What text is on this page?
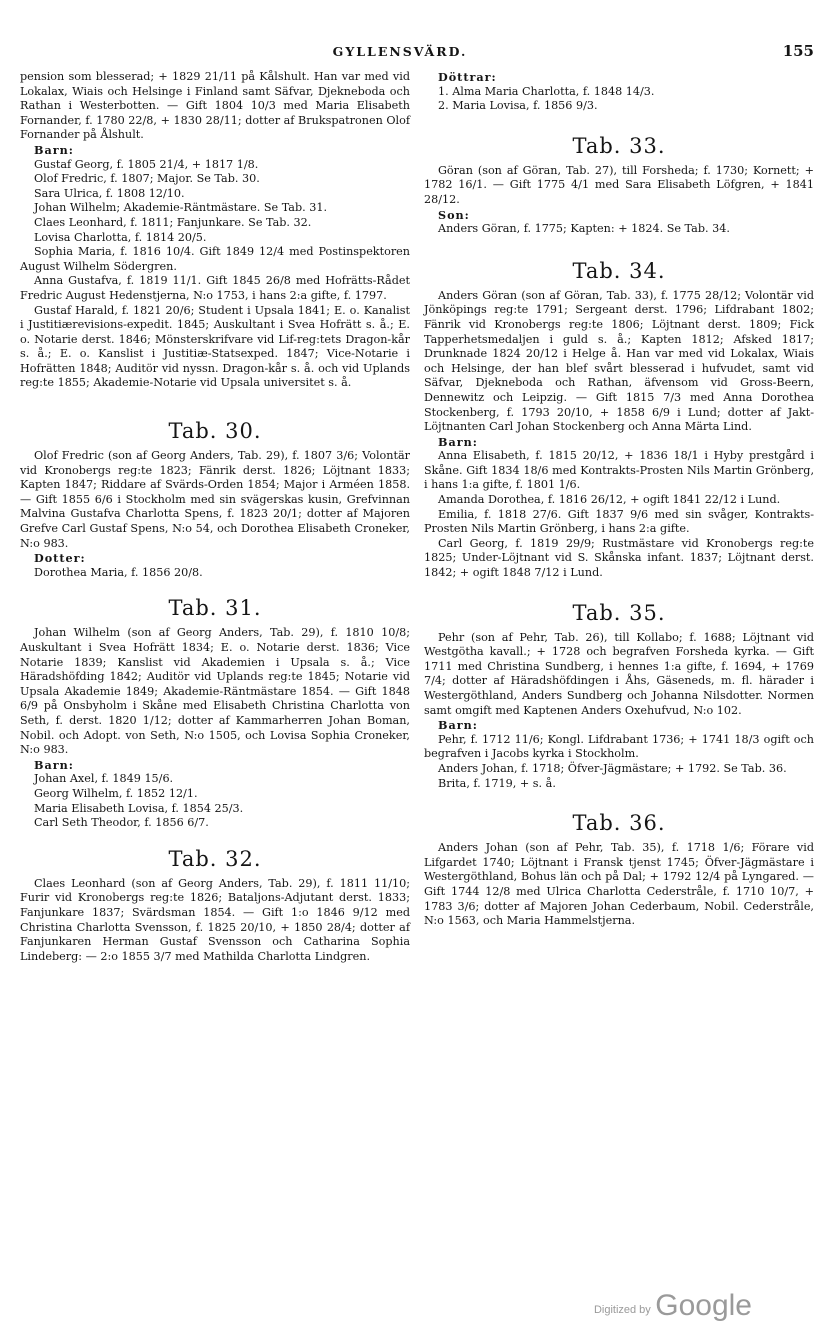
GYLLENSVÄRD.	155

pension som blesserad; + 1829 21/11 på Kålshult. Han var med vid Lokalax, Wiais och Helsinge i Finland samt Säfvar, Djekneboda och Rathan i Westerbotten. — Gift 1804 10/3 med Maria Elisabeth Fornander, f. 1780 22/8, + 1830 28/11; dotter af Brukspatronen Olof Fornander på Ålshult.

Barn:

Gustaf Georg, f. 1805 21/4, + 1817 1/8.

Olof Fredric, f. 1807; Major. Se Tab. 30.

Sara Ulrica, f. 1808 12/10.

Johan Wilhelm; Akademie-Räntmästare. Se Tab. 31.

Claes Leonhard, f. 1811; Fanjunkare. Se Tab. 32.

Lovisa Charlotta, f. 1814 20/5.

Sophia Maria, f. 1816 10/4. Gift 1849 12/4 med Postinspektoren August Wilhelm Södergren.

Anna Gustafva, f. 1819 11/1. Gift 1845 26/8 med Hofrätts-Rådet Fredric August Hedenstjerna, N:o 1753, i hans 2:a gifte, f. 1797.

Gustaf Harald, f. 1821 20/6; Student i Upsala 1841; E. o. Kanalist i Justitiærevisions-expedit. 1845; Auskultant i Svea Hofrätt s. å.; E. o. Notarie derst. 1846; Mönsterskrifvare vid Lif-reg:tets Dragon-kår s. å.; E. o. Kanslist i Justitiæ-Statsexped. 1847; Vice-Notarie i Hofrätten 1848; Auditör vid nyssn. Dragon-kår s. å. och vid Uplands reg:te 1855; Akademie-Notarie vid Upsala universitet s. å.

Tab. 30.

Olof Fredric (son af Georg Anders, Tab. 29), f. 1807 3/6; Volontär vid Kronobergs reg:te 1823; Fänrik derst. 1826; Löjtnant 1833; Kapten 1847; Riddare af Svärds-Orden 1854; Major i Arméen 1858. — Gift 1855 6/6 i Stockholm med sin svägerskas kusin, Grefvinnan Malvina Gustafva Charlotta Spens, f. 1823 20/1; dotter af Majoren Grefve Carl Gustaf Spens, N:o 54, och Dorothea Elisabeth Croneker, N:o 983.

Dotter:

Dorothea Maria, f. 1856 20/8.

Tab. 31.

Johan Wilhelm (son af Georg Anders, Tab. 29), f. 1810 10/8; Auskultant i Svea Hofrätt 1834; E. o. Notarie derst. 1836; Vice Notarie 1839; Kanslist vid Akademien i Upsala s. å.; Vice Häradshöfding 1842; Auditör vid Uplands reg:te 1845; Notarie vid Upsala Akademie 1849; Akademie-Räntmästare 1854. — Gift 1848 6/9 på Onsbyholm i Skåne med Elisabeth Christina Charlotta von Seth, f. derst. 1820 1/12; dotter af Kammarherren Johan Boman, Nobil. och Adopt. von Seth, N:o 1505, och Lovisa Sophia Croneker, N:o 983.

Barn:

Johan Axel, f. 1849 15/6.

Georg Wilhelm, f. 1852 12/1.

Maria Elisabeth Lovisa, f. 1854 25/3.

Carl Seth Theodor, f. 1856 6/7.

Tab. 32.

Claes Leonhard (son af Georg Anders, Tab. 29), f. 1811 11/10; Furir vid Kronobergs reg:te 1826; Bataljons-Adjutant derst. 1833; Fanjunkare 1837; Svärdsman 1854. — Gift 1:o 1846 9/12 med Christina Charlotta Svensson, f. 1825 20/10, + 1850 28/4; dotter af Fanjunkaren Herman Gustaf Svensson och Catharina Sophia Lindeberg: — 2:o 1855 3/7 med Mathilda Charlotta Lindgren.

Döttrar:

1. Alma Maria Charlotta, f. 1848 14/3.

2. Maria Lovisa, f. 1856 9/3.

Tab. 33.

Göran (son af Göran, Tab. 27), till Forsheda; f. 1730; Kornett; + 1782 16/1. — Gift 1775 4/1 med Sara Elisabeth Löfgren, + 1841 28/12.

Son:

Anders Göran, f. 1775; Kapten: + 1824. Se Tab. 34.

Tab. 34.

Anders Göran (son af Göran, Tab. 33), f. 1775 28/12; Volontär vid Jönköpings reg:te 1791; Sergeant derst. 1796; Lifdrabant 1802; Fänrik vid Kronobergs reg:te 1806; Löjtnant derst. 1809; Fick Tapperhetsmedaljen i guld s. å.; Kapten 1812; Afsked 1817; Drunknade 1824 20/12 i Helge å. Han var med vid Lokalax, Wiais och Helsinge, der han blef svårt blesserad i hufvudet, samt vid Säfvar, Djekneboda och Rathan, äfvensom vid Gross-Beern, Dennewitz och Leipzig. — Gift 1815 7/3 med Anna Dorothea Stockenberg, f. 1793 20/10, + 1858 6/9 i Lund; dotter af Jakt-Löjtnanten Carl Johan Stockenberg och Anna Märta Lind.

Barn:

Anna Elisabeth, f. 1815 20/12, + 1836 18/1 i Hyby prestgård i Skåne. Gift 1834 18/6 med Kontrakts-Prosten Nils Martin Grönberg, i hans 1:a gifte, f. 1801 1/6.

Amanda Dorothea, f. 1816 26/12, + ogift 1841 22/12 i Lund.

Emilia, f. 1818 27/6. Gift 1837 9/6 med sin svåger, Kontrakts-Prosten Nils Martin Grönberg, i hans 2:a gifte.

Carl Georg, f. 1819 29/9; Rustmästare vid Kronobergs reg:te 1825; Under-Löjtnant vid S. Skånska infant. 1837; Löjtnant derst. 1842; + ogift 1848 7/12 i Lund.

Tab. 35.

Pehr (son af Pehr, Tab. 26), till Kollabo; f. 1688; Löjtnant vid Westgötha kavall.; + 1728 och begrafven Forsheda kyrka. — Gift 1711 med Christina Sundberg, i hennes 1:a gifte, f. 1694, + 1769 7/4; dotter af Häradshöfdingen i Åhs, Gäseneds, m. fl. härader i Westergöthland, Anders Sundberg och Johanna Nilsdotter. Normen samt omgift med Kaptenen Anders Oxehufvud, N:o 102.

Barn:

Pehr, f. 1712 11/6; Kongl. Lifdrabant 1736; + 1741 18/3 ogift och begrafven i Jacobs kyrka i Stockholm.

Anders Johan, f. 1718; Öfver-Jägmästare; + 1792. Se Tab. 36.

Brita, f. 1719, + s. å.

Tab. 36.

Anders Johan (son af Pehr, Tab. 35), f. 1718 1/6; Förare vid Lifgardet 1740; Löjtnant i Fransk tjenst 1745; Öfver-Jägmästare i Westergöthland, Bohus län och på Dal; + 1792 12/4 på Lyngared. — Gift 1744 12/8 med Ulrica Charlotta Cederstråle, f. 1710 10/7, + 1783 3/6; dotter af Majoren Johan Cederbaum, Nobil. Cederstråle, N:o 1563, och Maria Hammelstjerna.

Digitized by Google
